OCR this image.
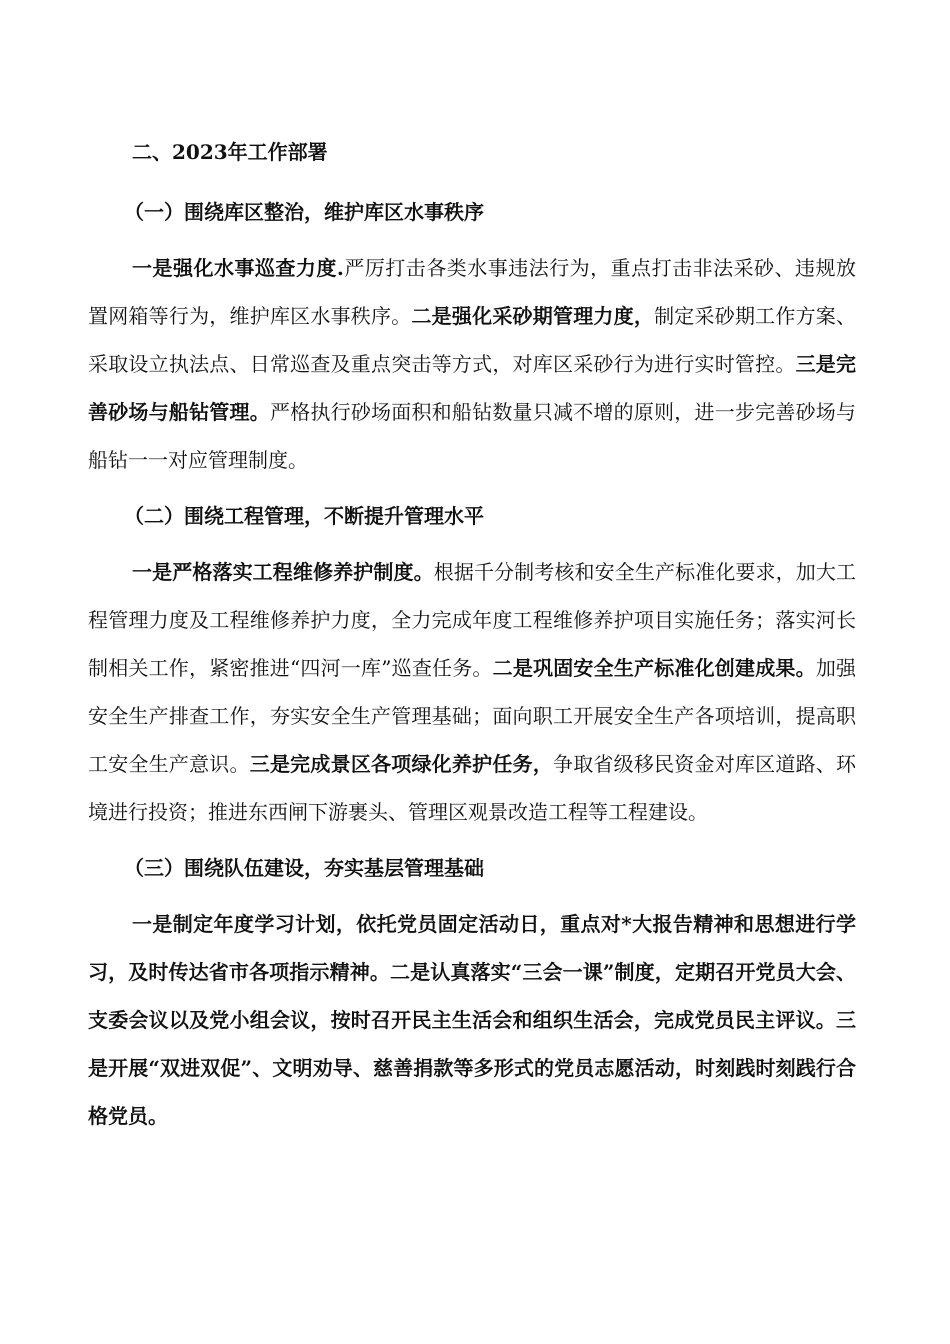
二、2023年工作部署
（一）围绕库区整治，维护库区水事秩序

一是强化水事巡查力度.严厉打击各类水事违法行为，重点打击非法采砂、违规放置网箱等行为，维护库区水事秩序。二是强化采砂期管理力度，制定采砂期工作方案、采取设立执法点、日常巡查及重点突击等方式，对库区采砂行为进行实时管控。三是完善砂场与船钻管理。严格执行砂场面积和船钻数量只减不增的原则，进一步完善砂场与船钻一一对应管理制度。

（二）围绕工程管理，不断提升管理水平

一是严格落实工程维修养护制度。根据千分制考核和安全生产标准化要求，加大工程管理力度及工程维修养护力度，全力完成年度工程维修养护项目实施任务；落实河长制相关工作，紧密推进“四河一库”巡查任务。二是巩固安全生产标准化创建成果。加强安全生产排查工作，夯实安全生产管理基础；面向职工开展安全生产各项培训，提高职工安全生产意识。三是完成景区各项绿化养护任务，争取省级移民资金对库区道路、环境进行投资；推进东西闸下游裹头、管理区观景改造工程等工程建设。

（三）围绕队伍建设，夯实基层管理基础

一是制定年度学习计划，依托党员固定活动日，重点对*大报告精神和思想进行学习，及时传达省市各项指示精神。二是认真落实“三会一课”制度，定期召开党员大会、支委会议以及党小组会议，按时召开民主生活会和组织生活会，完成党员民主评议。三是开展“双进双促”、文明劝导、慈善捐款等多形式的党员志愿活动，时刻践时刻践行合格党员。
